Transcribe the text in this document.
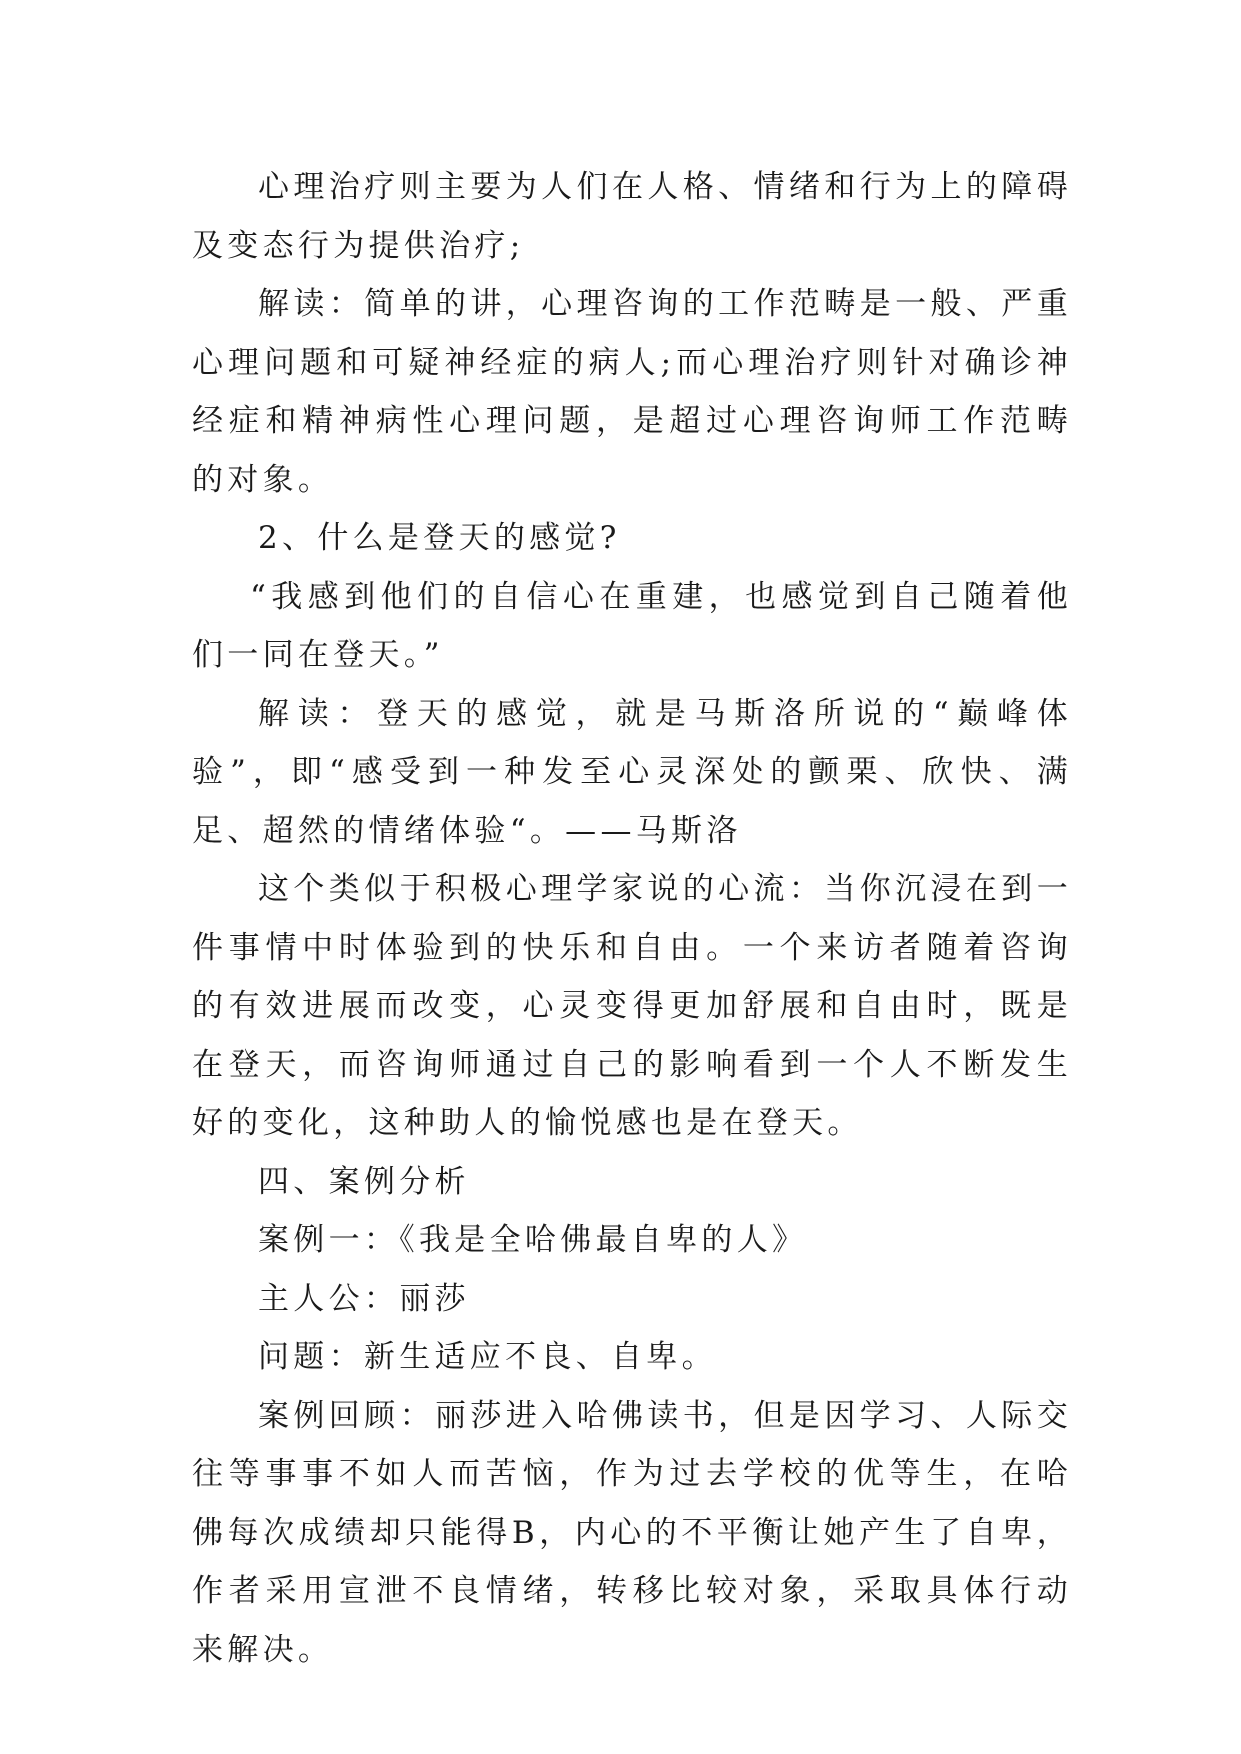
心理治疗则主要为人们在人格、情绪和行为上的障碍及变态行为提供治疗;

解读：简单的讲，心理咨询的工作范畴是一般、严重心理问题和可疑神经症的病人;而心理治疗则针对确诊神经症和精神病性心理问题，是超过心理咨询师工作范畴的对象。

2、什么是登天的感觉?

“我感到他们的自信心在重建，也感觉到自己随着他们一同在登天。”

解读：登天的感觉，就是马斯洛所说的“巅峰体验”，即“感受到一种发至心灵深处的颤栗、欣快、满足、超然的情绪体验“。——马斯洛

这个类似于积极心理学家说的心流：当你沉浸在到一件事情中时体验到的快乐和自由。一个来访者随着咨询的有效进展而改变，心灵变得更加舒展和自由时，既是在登天，而咨询师通过自己的影响看到一个人不断发生好的变化，这种助人的愉悦感也是在登天。

四、案例分析

案例一：《我是全哈佛最自卑的人》

主人公：丽莎

问题：新生适应不良、自卑。

案例回顾：丽莎进入哈佛读书，但是因学习、人际交往等事事不如人而苦恼，作为过去学校的优等生，在哈佛每次成绩却只能得B，内心的不平衡让她产生了自卑，作者采用宣泄不良情绪，转移比较对象，采取具体行动来解决。
